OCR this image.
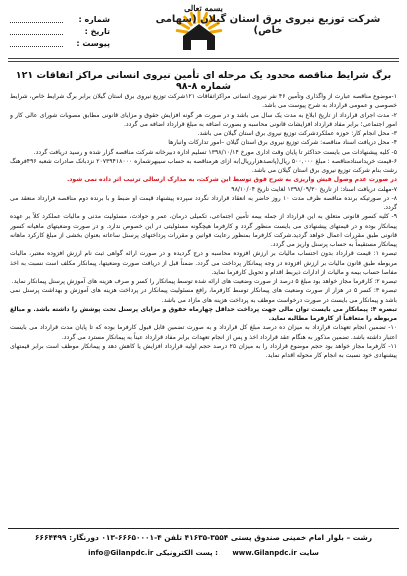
بسمه تعالی
شرکت توزیع نیروی برق استان گیلان (سهامی خاص)
شماره :
تاریخ :
پیوست :
برگ شرایط مناقصه محدود یک مرحله ای تأمین نیروی انسانی مراکز اتفاقات ۱۲۱ شماره ۸-۹۸

۱-موضوع مناقصه عبارت از واگذاری وتأمین ۴۶ نفر نیروی انسانی مراکزاتفاقات ۱۲۱شرکت توزیع نیروی برق استان گیلان برابر برگ شرایط خاص، شرایط خصوصی و عمومی قرارداد به شرح پیوست می باشد.

۲- مدت اجرای قرارداد از تاریخ ابلاغ به مدت یک سال می باشد و در صورت هر گونه افزایش حقوق و مزایای قانونی مطابق مصوبات شورای عالی کار و امور اجتماعی؛ برابر مفاد قرارداد افزایشات قانونی محاسبه و بصورت اضافه به مبلغ قرارداد اضافه می گردد.

۳- محل انجام کار: حوزه عملکردشرکت توزیع نیروی برق استان گیلان می باشد.

۴- محل دریافت اسناد مناقصه: شرکت توزیع نیروی برق استان گیلان –امور تدارکات وانبارها

۵- کلیه پیشنهادات می بایست حداکثر تا پایان وقت اداری مورخ ۱۳۹۸/۱۰/۱۴ تسلیم اداره دبیرخانه شرکت مناقصه گزار شده و رسید دریافت گردد.

۶-قیمت خریداسنادمناقصه : مبلغ ۵۰۰,۰۰۰ ریال(پانصدهزارریال)به ازای هرمناقصه به حساب سیبهرشماره ۲۰۷۳۹۴۱۸۰۰۰ نزدبانک صادرات شعبه ۴۹۶فرهنگ رشت بنام شرکت توزیع نیروی برق استان گیلان می باشد.

در صورت عدم وصول فیش واریزی به شرح فوق توسط این شرکت، به مدارک ارسالی ترتیب اثر داده نمی شود.

۷-مهلت دریافت اسناد: از تاریخ ۱۳۹۸/۰۹/۳۰ لغایت تاریخ ۹۸/۱۰/۰۴

۸- در صورتیکه برنده مناقصه ظرف مدت ۱۰ روز حاضر به انعقاد قرارداد نگردد سپرده پیشنهاد قیمت او ضبط و با برنده دوم مناقصه قرارداد منعقد می گردد.

۹- کلیه کسور قانونی متعلق به این قرارداد از جمله بیمه تأمین اجتماعی، تکمیلی درمان، عمر و حوادث، مسئولیت مدنی و مالیات عملکرد کلاً بر عهده پیمانکار بوده و در قیمتهای پیشنهادی می بایست منظور گردد و کارفرما هیچگونه مسئولیتی در این خصوص ندارد. و در صورت وضعیتهای ماهیانه کسور قانونی طبق مقررات اعمال خواهد گردید.شرکت کارفرما بمنظور رعایت قوانین و مقررات پرداختهای پرسنل ساعاته بعنوان بخشی از مبلغ کارکرد ماهانه پیمانکار مستقیماً به حساب پرسنل واریز می گردد.

تبصره ۱: قیمت قرارداد بدون احتساب مالیات بر ارزش افزوده محاسبه و درج گردیده و در صورت ارائه گواهی ثبت نام ارزش افزوده معتبر، مالیات مربوطه طبق قانون مالیات بر ارزش افزوده در وجه پیمانکار پرداخت می گردد. ضمناً قبل از دریافت صورت وضعیتها، پیمانکار مکلف است نسبت به اخذ مفاصا حساب بیمه و مالیات از ادارات ذیربط اقدام و تحویل کارفرما نماید.

تبصره ۲: کارفرما مجاز خواهد بود مبلغ ۵ درصد از صورت وضعیت های ارائه شده توسط پیمانکار را کسر و صرف هزینه های آموزش پرسنل پیمانکار نماید.

تبصره ۳: کسر ۵ در هزار از صورت وضعیت های پیمانکار توسط کارفرما، رافع مسئولیت پیمانکار در پرداخت هزینه های آموزش و بهداشت پرسنل نمی باشد و پیمانکار می بایست در صورت درخواست موظف به پرداخت هزینه های مازاد می باشد.

تبصره ۴: پیمانکار می بایست توان مالی جهت پرداخت حداقل چهارماه حقوق و مزایای پرسنل تحت پوشش را داشته باشد. و مبالغ مربوطه را متعاقباً از کارفرما مطالبه نماید.

۱۰- تضمین انجام تعهدات قرارداد به میزان ده درصد مبلغ کل قرارداد و به صورت تضمین قابل قبول کارفرما بوده که تا پایان مدت قرارداد می بایست اعتبار داشته باشد. تضمین مذکور به هنگام عقد قرارداد اخذ و پس از انجام تعهدات برابر مفاد قرارداد عیناً به پیمانکار مسترد می گردد.

۱۱- کارفرما مجاز خواهد بود حجم موضوع قرارداد را به میزان ۲۵ درصد حجم اولیه قرارداد افزایش یا کاهش دهد و پیمانکار موظف است برابر قیمتهای پیشنهادی خود نسبت به انجام کار محوله اقدام نماید.

رشت – بلوار امام خمینی صندوق پستی ۳۵۵۴-۴۱۶۳۵ تلفن ۴-۶۶۶۵۰۰۰۱-۰۱۳ دورنگار: ۶۶۶۴۴۹۹
info@Gilanpdc.ir پست الکترونیکی : www.Gilanpdc.ir سایت
